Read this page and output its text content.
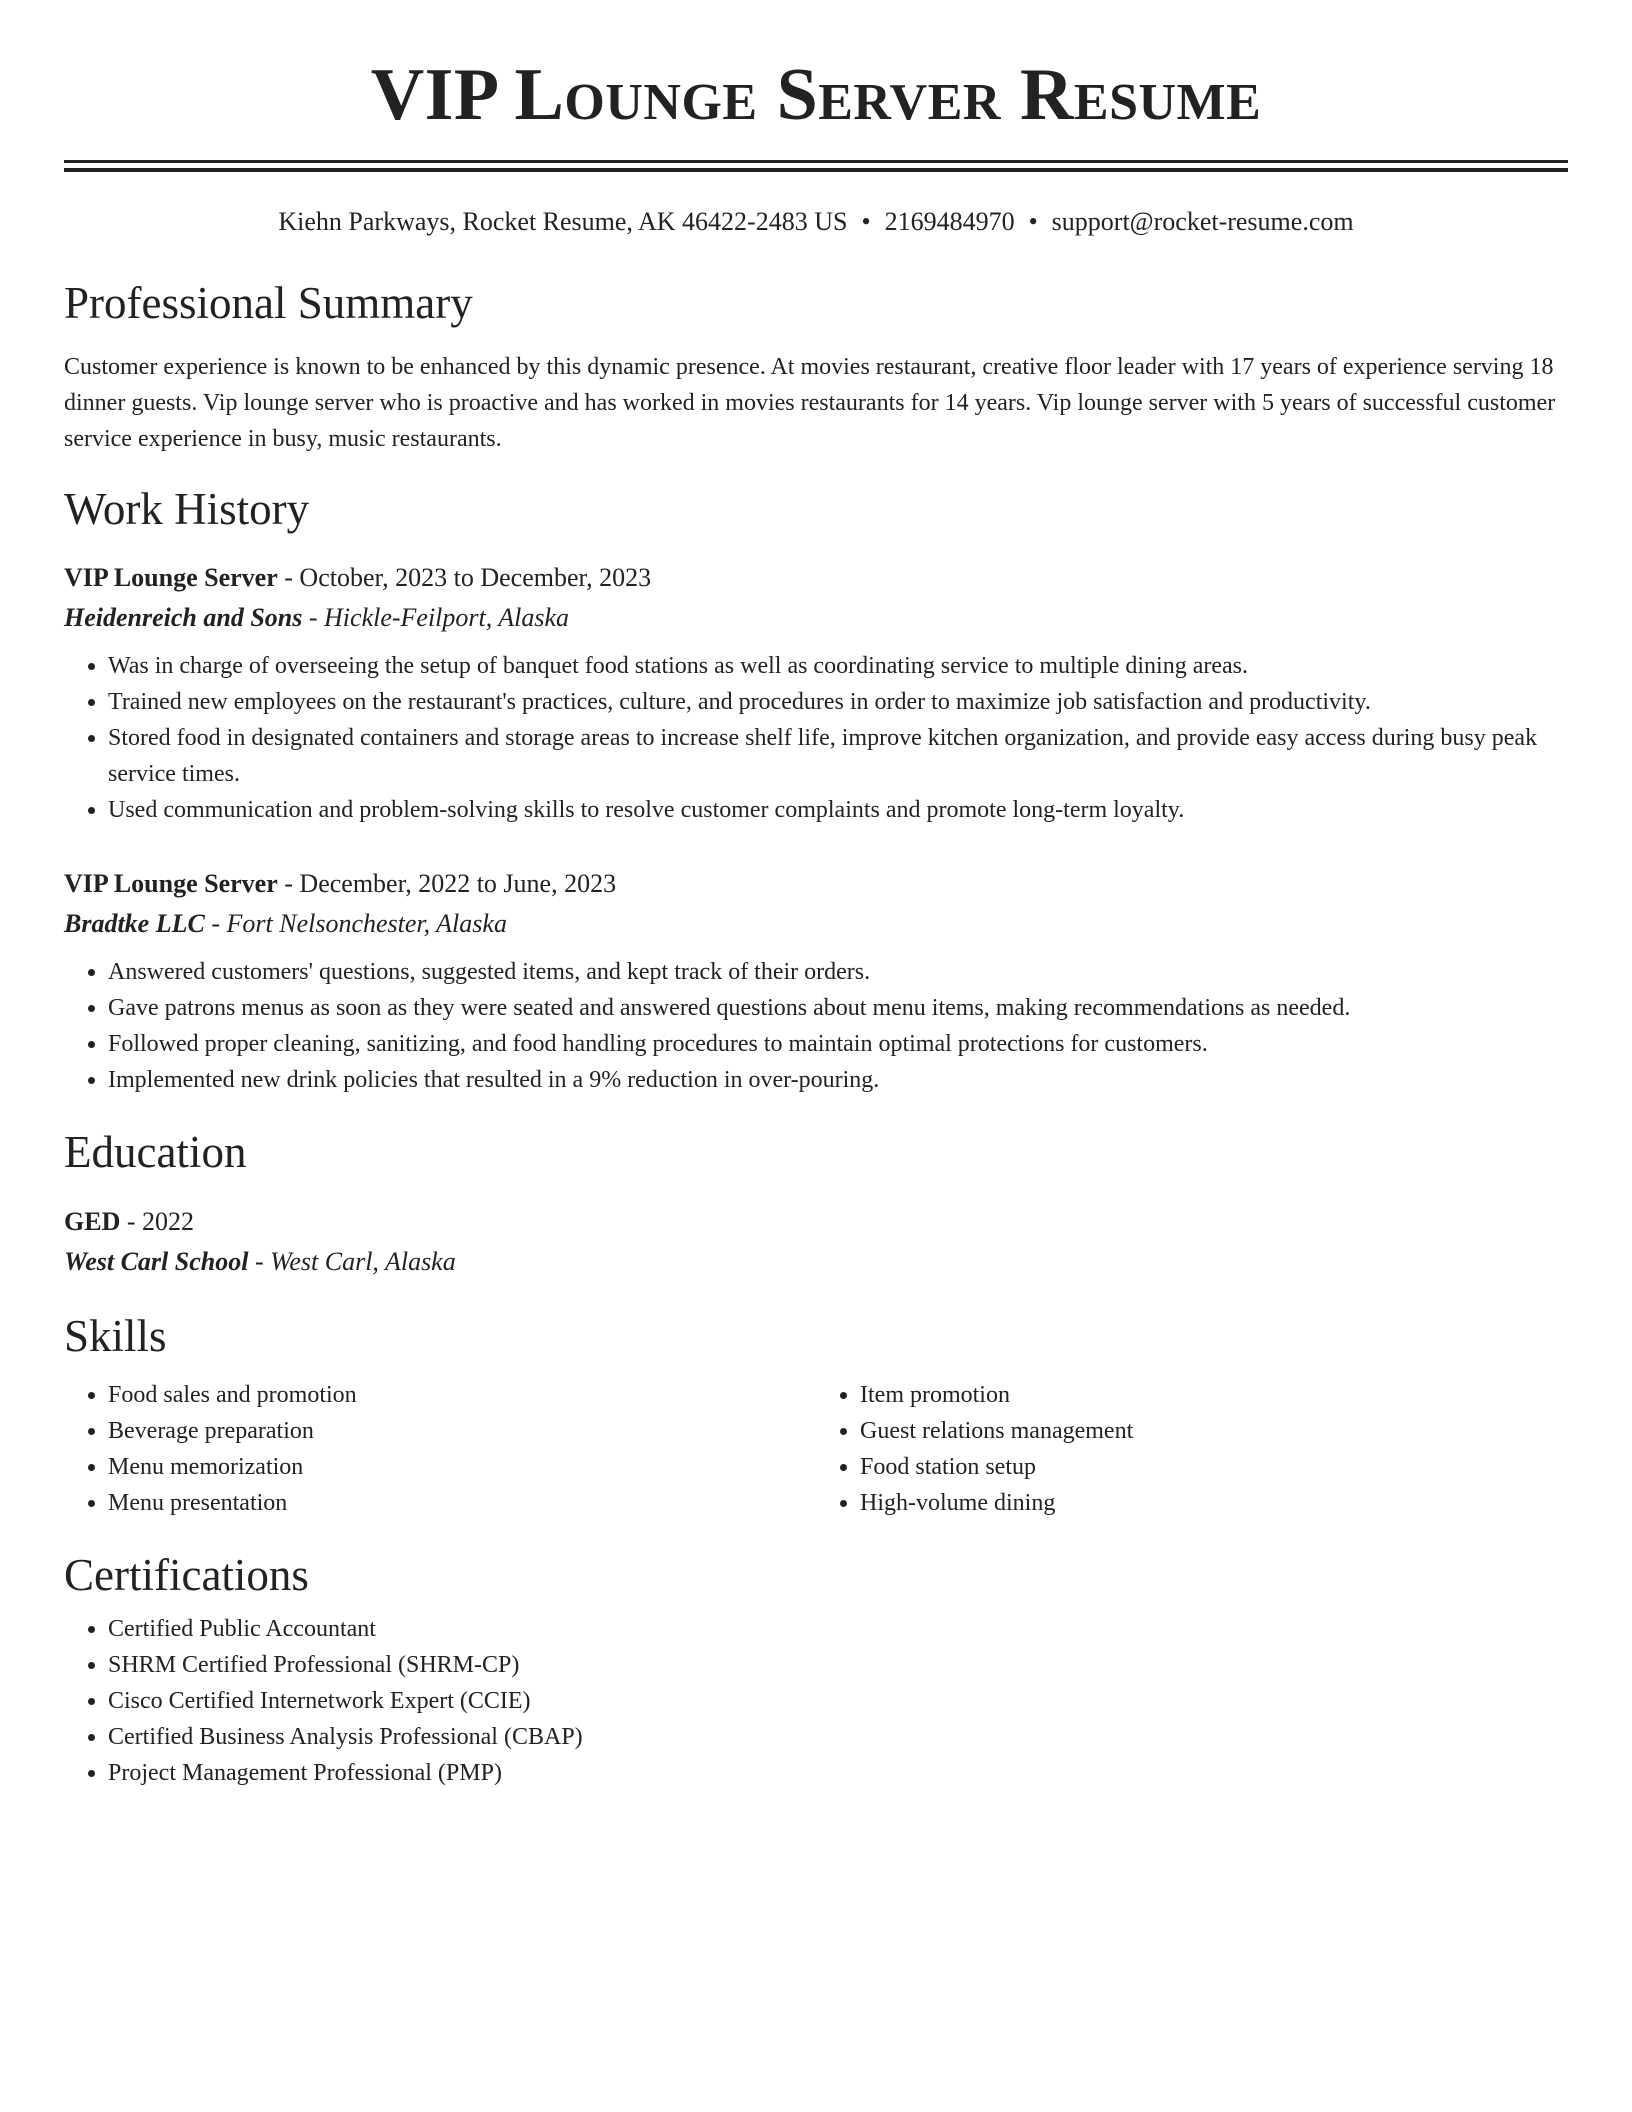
VIP Lounge Server Resume
Kiehn Parkways, Rocket Resume, AK 46422-2483 US • 2169484970 • support@rocket-resume.com
Professional Summary
Customer experience is known to be enhanced by this dynamic presence. At movies restaurant, creative floor leader with 17 years of experience serving 18 dinner guests. Vip lounge server who is proactive and has worked in movies restaurants for 14 years. Vip lounge server with 5 years of successful customer service experience in busy, music restaurants.
Work History
VIP Lounge Server - October, 2023 to December, 2023
Heidenreich and Sons - Hickle-Feilport, Alaska
• Was in charge of overseeing the setup of banquet food stations as well as coordinating service to multiple dining areas.
• Trained new employees on the restaurant's practices, culture, and procedures in order to maximize job satisfaction and productivity.
• Stored food in designated containers and storage areas to increase shelf life, improve kitchen organization, and provide easy access during busy peak service times.
• Used communication and problem-solving skills to resolve customer complaints and promote long-term loyalty.
VIP Lounge Server - December, 2022 to June, 2023
Bradtke LLC - Fort Nelsonchester, Alaska
• Answered customers' questions, suggested items, and kept track of their orders.
• Gave patrons menus as soon as they were seated and answered questions about menu items, making recommendations as needed.
• Followed proper cleaning, sanitizing, and food handling procedures to maintain optimal protections for customers.
• Implemented new drink policies that resulted in a 9% reduction in over-pouring.
Education
GED - 2022
West Carl School - West Carl, Alaska
Skills
• Food sales and promotion
• Beverage preparation
• Menu memorization
• Menu presentation
• Item promotion
• Guest relations management
• Food station setup
• High-volume dining
Certifications
• Certified Public Accountant
• SHRM Certified Professional (SHRM-CP)
• Cisco Certified Internetwork Expert (CCIE)
• Certified Business Analysis Professional (CBAP)
• Project Management Professional (PMP)
